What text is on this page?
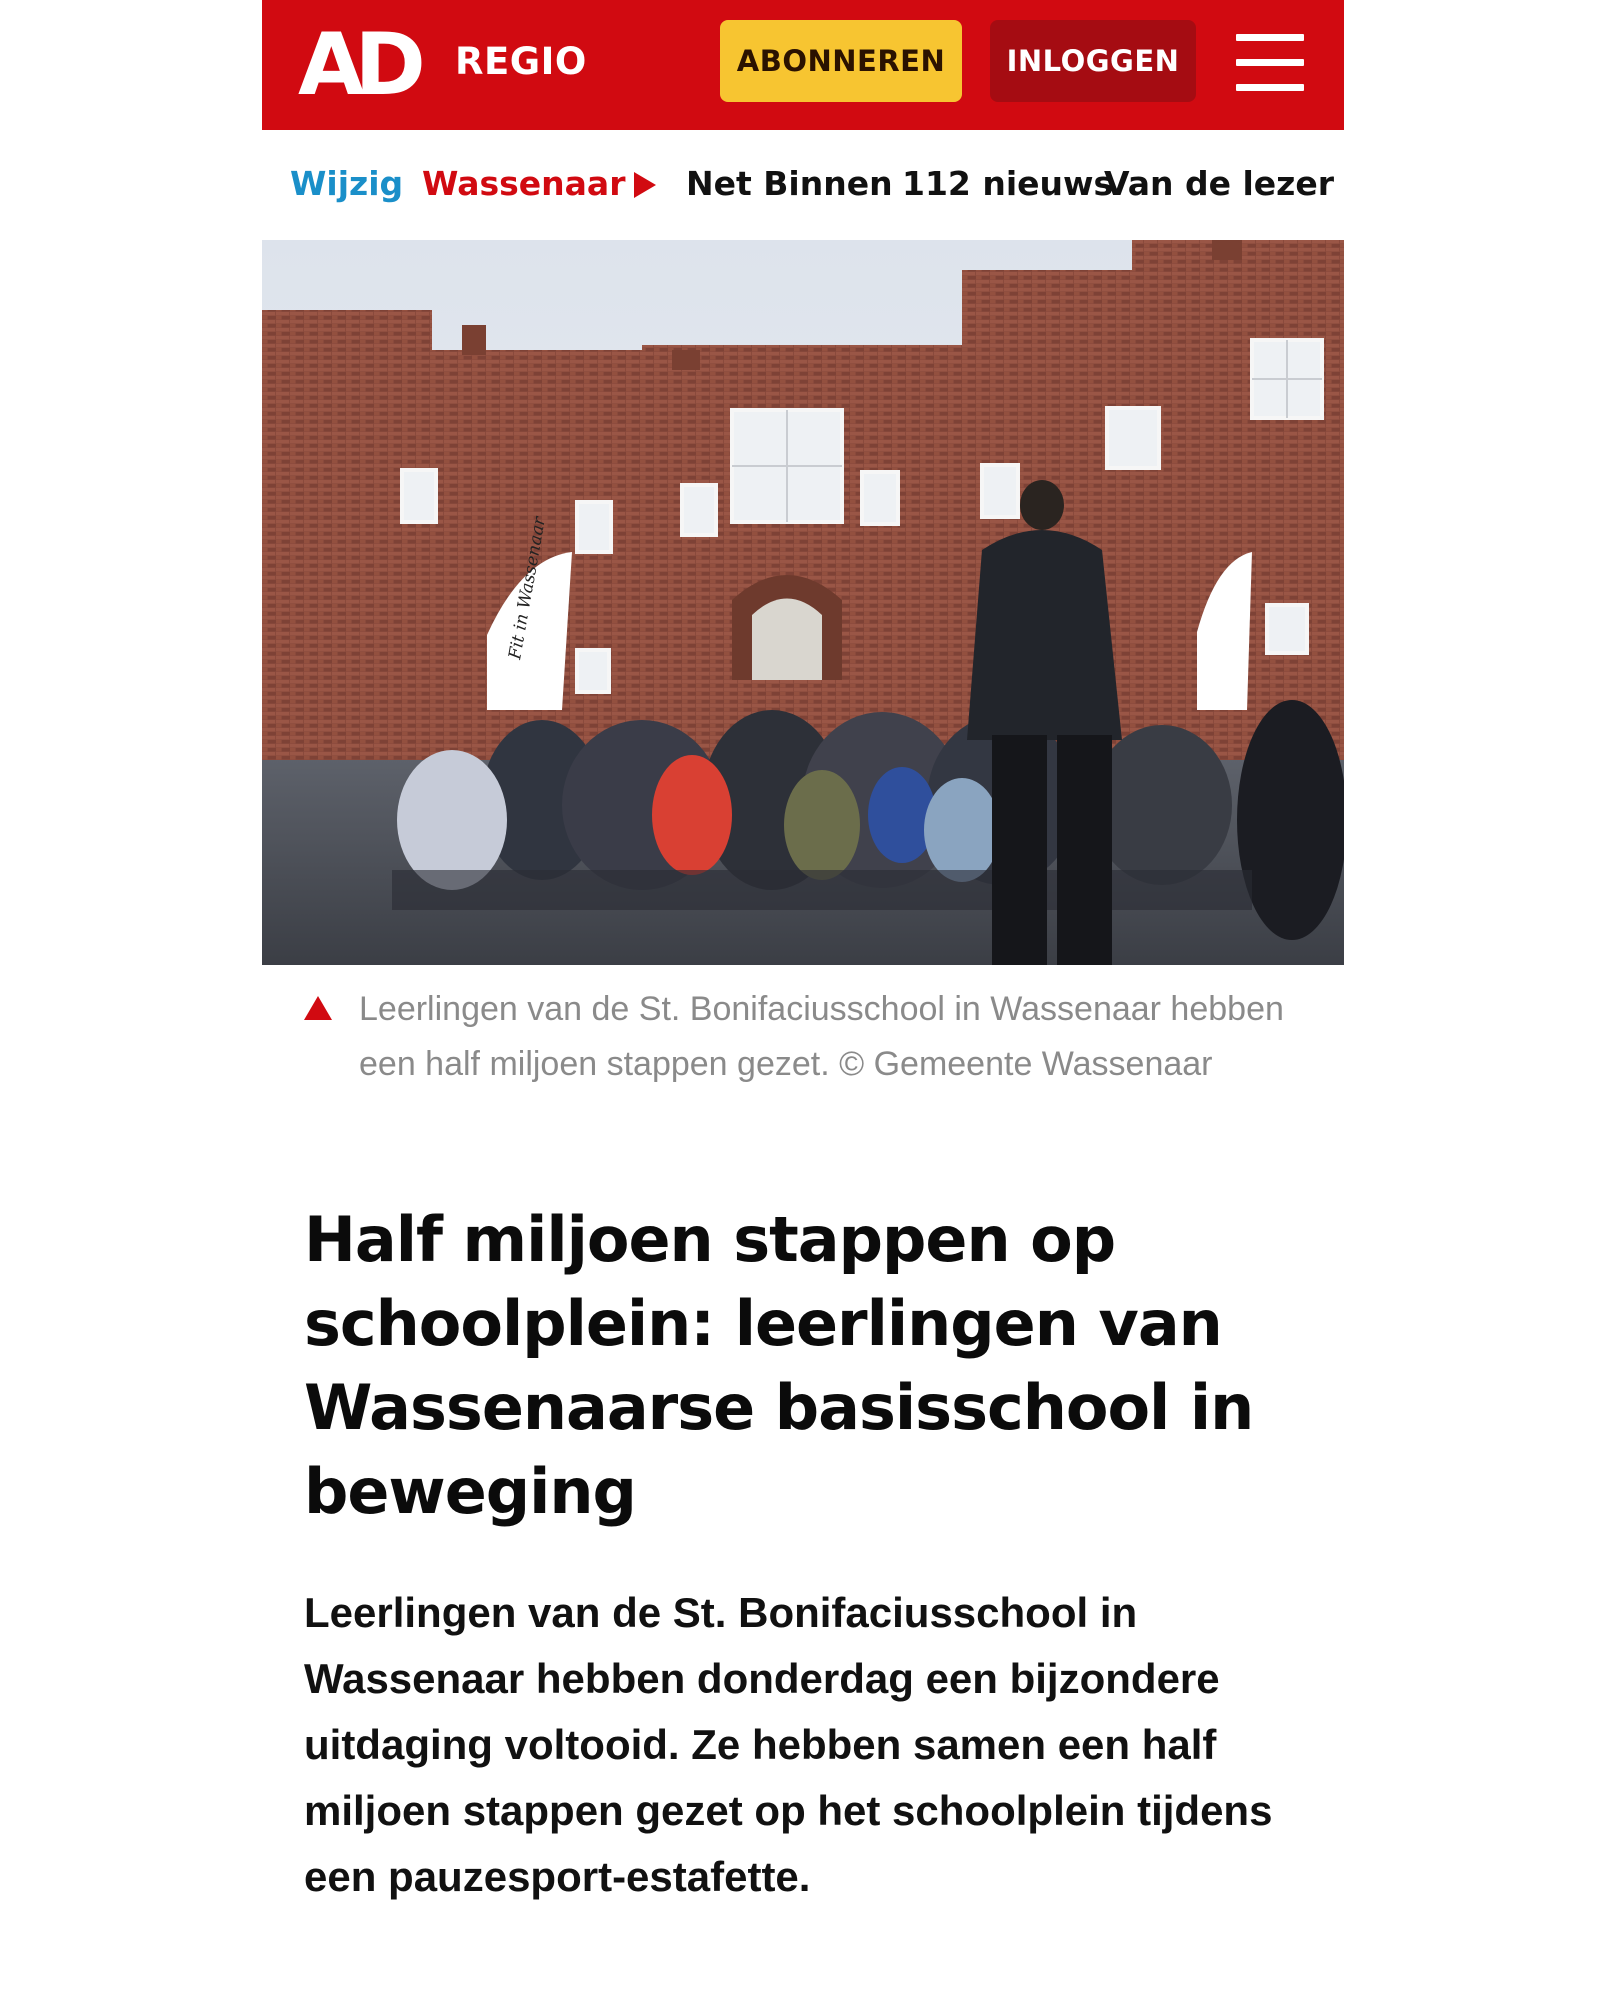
AD REGIO	ABONNEREN	INLOGGEN
Wijzig Wassenaar Net Binnen 112 nieuws
Van de lezer
Fit in Wassenaar
Leerlingen van de St. Bonifaciusschool in Wassenaar hebben een half miljoen stappen gezet. © Gemeente Wassenaar
Half miljoen stappen op schoolplein: leerlingen van Wassenaarse basisschool in beweging

Leerlingen van de St. Bonifaciusschool in Wassenaar hebben donderdag een bijzondere uitdaging voltooid. Ze hebben samen een half miljoen stappen gezet op het schoolplein tijdens een pauzesport-estafette.
